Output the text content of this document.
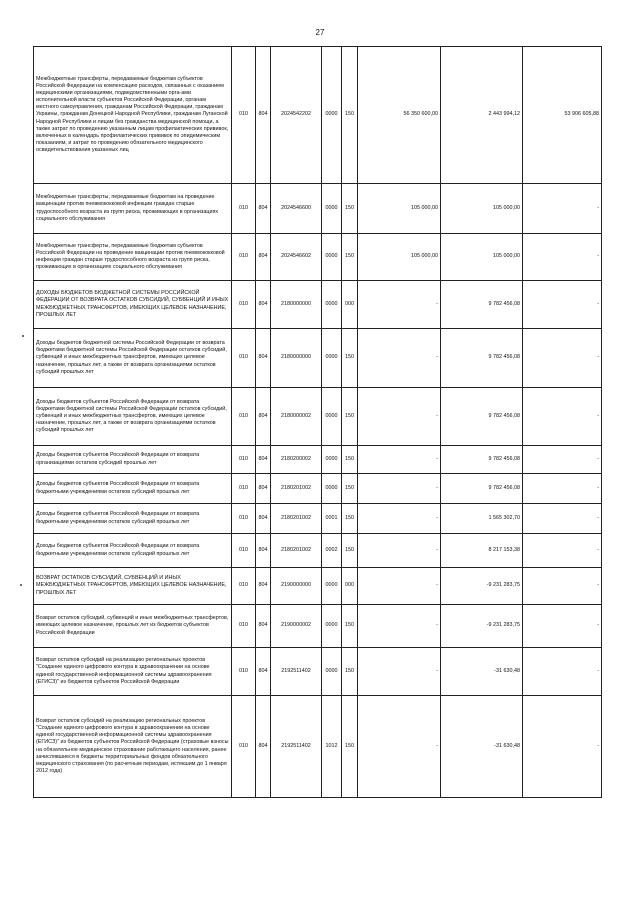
27
Межбюджетные трансферты, передаваемые бюджетам субъектов Российской Федерации на компенсацию расходов, связанных с оказанием медицинскими организациями, подведомственными орга-ами исполнительной власти субъектов Российской Федерации, органам местного самоуправления, гражданам Российской Федерации, гражданам Украины, гражданам Донецкой Народной Республики, гражданам Луганской Народной Республики и лицам без гражданства медицинской помощи, а также затрат по проведению указанным лицам профилактических прививок, включенных в календарь профилактических прививок по эпидемическим показаниям, и затрат по проведению обязательного медицинского освидетельствования указанных лиц	010	804	2024542202	0000	150	56 350 600,00	2 443 994,12	53 906 605,88
Межбюджетные трансферты, передаваемые бюджетам на проведение вакцинации против пневмококковой инфекции граждан старше трудоспособного возраста из групп риска, проживающих в организациях социального обслуживания	010	804	2024546600	0000	150	105 000,00	105 000,00	-
Межбюджетные трансферты, передаваемые бюджетам субъектов Российской Федерации на проведение вакцинации против пневмококковой инфекции граждан старше трудоспособного возраста из групп риска, проживающих в организациях социального обслуживания	010	804	2024546602	0000	150	105 000,00	105 000,00	-
ДОХОДЫ БЮДЖЕТОВ БЮДЖЕТНОЙ СИСТЕМЫ РОССИЙСКОЙ ФЕДЕРАЦИИ ОТ ВОЗВРАТА ОСТАТКОВ СУБСИДИЙ, СУБВЕНЦИЙ И ИНЫХ МЕЖБЮДЖЕТНЫХ ТРАНСФЕРТОВ, ИМЕЮЩИХ ЦЕЛЕВОЕ НАЗНАЧЕНИЕ, ПРОШЛЫХ ЛЕТ	010	804	2180000000	0000	000	-	9 782 456,08	-
Доходы бюджетов бюджетной системы Российской Федерации от возврата бюджетами бюджетной системы Российской Федерации остатков субсидий, субвенций и иных межбюджетных трансфертов, имеющих целевое назначение, прошлых лет, а также от возврата организациями остатков субсидий прошлых лет	010	804	2180000000	0000	150	-	9 782 456,08	-
Доходы бюджетов субъектов Российской Федерации от возврата бюджетами бюджетной системы Российской Федерации остатков субсидий, субвенций и иных межбюджетных трансфертов, имеющих целевое назначение, прошлых лет, а также от возврата организациями остатков субсидий прошлых лет	010	804	2180000002	0000	150	-	9 782 456,08	-
Доходы бюджетов субъектов Российской Федерации от возврата организациями остатков субсидий прошлых лет	010	804	2180200002	0000	150	-	9 782 456,08	-
Доходы бюджетов субъектов Российской Федерации от возврата бюджетными учреждениями остатков субсидий прошлых лет	010	804	2180201002	0000	150	-	9 782 456,08	-
Доходы бюджетов субъектов Российской Федерации от возврата бюджетными учреждениями остатков субсидий прошлых лет	010	804	2180201002	0001	150	-	1 565 302,70	-
Доходы бюджетов субъектов Российской Федерации от возврата бюджетными учреждениями остатков субсидий прошлых лет	010	804	2180201002	0002	150	-	8 217 153,38	-
ВОЗВРАТ ОСТАТКОВ СУБСИДИЙ, СУБВЕНЦИЙ И ИНЫХ МЕЖБЮДЖЕТНЫХ ТРАНСФЕРТОВ, ИМЕЮЩИХ ЦЕЛЕВОЕ НАЗНАЧЕНИЕ, ПРОШЛЫХ ЛЕТ	010	804	2190000000	0000	000	-	-9 231 283,75	-
Возврат остатков субсидий, субвенций и иных межбюджетных трансфертов, имеющих целевое назначение, прошлых лет из бюджетов субъектов Российской Федерации	010	804	2190000002	0000	150	-	-9 231 283,75	-
Возврат остатков субсидий на реализацию региональных проектов "Создание единого цифрового контура в здравоохранении на основе единой государственной информационной системы здравоохранения (ЕГИСЗ)" из бюджетов субъектов Российской Федерации	010	804	2192511402	0000	150	-	-31 630,48	-
Возврат остатков субсидий на реализацию региональных проектов "Создание единого цифрового контура в здравоохранении на основе единой государственной информационной системы здравоохранения (ЕГИСЗ)" из бюджетов субъектов Российской Федерации (страховые взносы на обязательное медицинское страхование работающего населения, ранее зачислявшиеся в бюджеты территориальных фондов обязательного медицинского страхования (по расчетным периодам, истекшим до 1 января 2012 года)	010	804	2192511402	1012	150	-	-31 630,48	-
